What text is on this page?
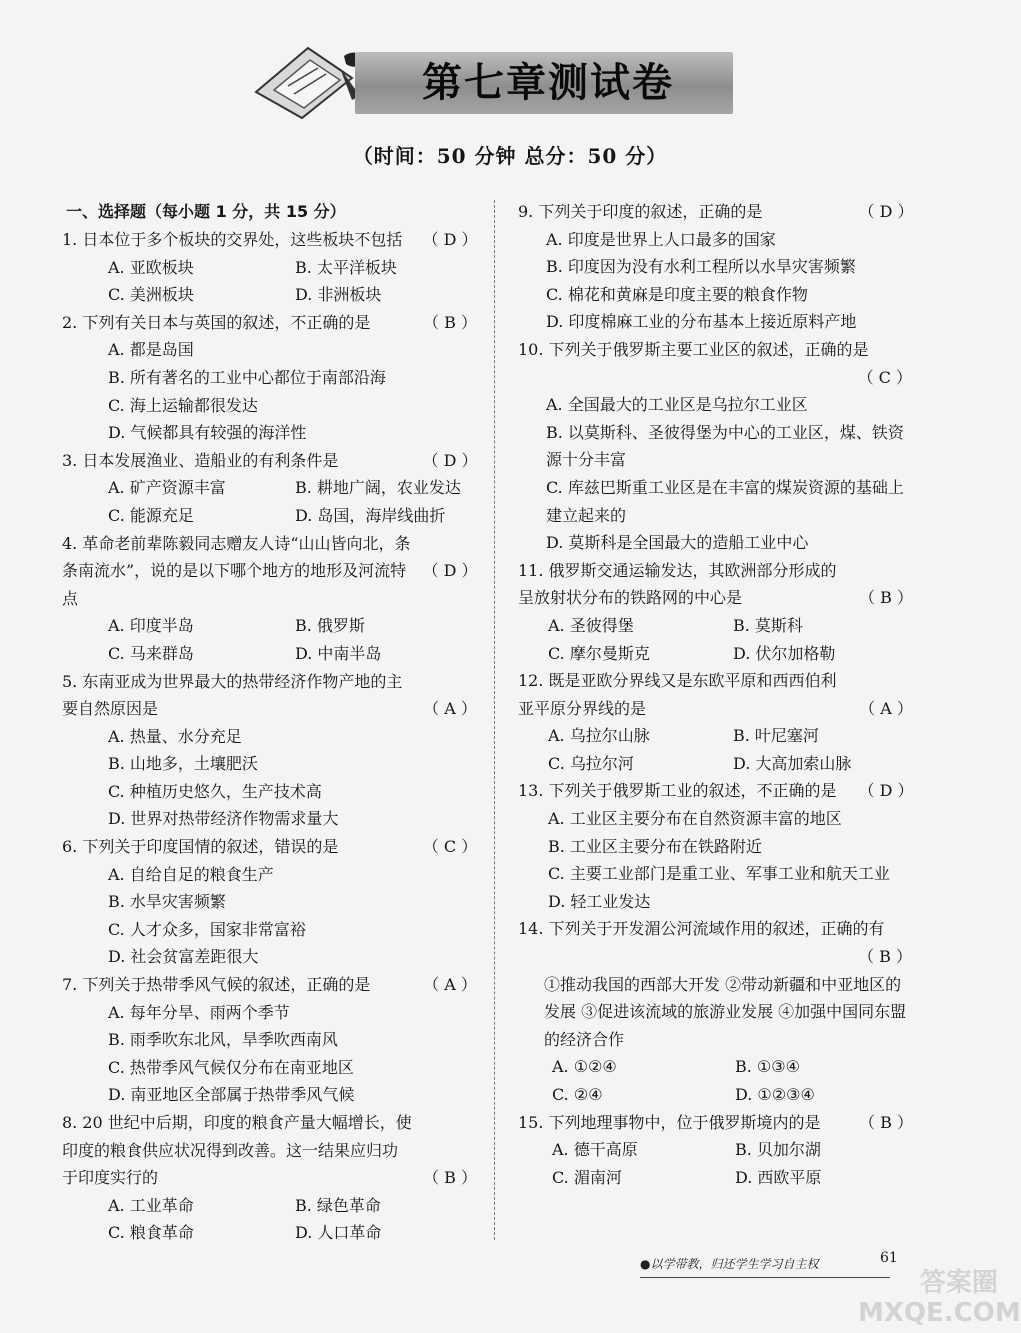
第七章测试卷
（时间：50 分钟 总分：50 分）
一、选择题（每小题 1 分，共 15 分）
1. 日本位于多个板块的交界处，这些板块不包括	（ D ）
A. 亚欧板块	B. 太平洋板块
C. 美洲板块	D. 非洲板块
2. 下列有关日本与英国的叙述，不正确的是	（ B ）
A. 都是岛国
B. 所有著名的工业中心都位于南部沿海
C. 海上运输都很发达
D. 气候都具有较强的海洋性
3. 日本发展渔业、造船业的有利条件是	（ D ）
A. 矿产资源丰富	B. 耕地广阔，农业发达
C. 能源充足	D. 岛国，海岸线曲折
4. 革命老前辈陈毅同志赠友人诗“山山皆向北，条条南流水”，说的是以下哪个地方的地形及河流特点
（ D ）
A. 印度半岛	B. 俄罗斯
C. 马来群岛	D. 中南半岛
5. 东南亚成为世界最大的热带经济作物产地的主要自然原因是	（ A ）
A. 热量、水分充足
B. 山地多，土壤肥沃
C. 种植历史悠久，生产技术高
D. 世界对热带经济作物需求量大
6. 下列关于印度国情的叙述，错误的是	（ C ）
A. 自给自足的粮食生产
B. 水旱灾害频繁
C. 人才众多，国家非常富裕
D. 社会贫富差距很大
7. 下列关于热带季风气候的叙述，正确的是	（ A ）
A. 每年分旱、雨两个季节
B. 雨季吹东北风，旱季吹西南风
C. 热带季风气候仅分布在南亚地区
D. 南亚地区全部属于热带季风气候
8. 20 世纪中后期，印度的粮食产量大幅增长，使印度的粮食供应状况得到改善。这一结果应归功于印度实行的	（ B ）
A. 工业革命	B. 绿色革命
C. 粮食革命	D. 人口革命
9. 下列关于印度的叙述，正确的是	（ D ）
A. 印度是世界上人口最多的国家
B. 印度因为没有水利工程所以水旱灾害频繁
C. 棉花和黄麻是印度主要的粮食作物
D. 印度棉麻工业的分布基本上接近原料产地
10. 下列关于俄罗斯主要工业区的叙述，正确的是
（ C ）
A. 全国最大的工业区是乌拉尔工业区
B. 以莫斯科、圣彼得堡为中心的工业区，煤、铁资源十分丰富
C. 库兹巴斯重工业区是在丰富的煤炭资源的基础上建立起来的
D. 莫斯科是全国最大的造船工业中心
11. 俄罗斯交通运输发达，其欧洲部分形成的呈放射状分布的铁路网的中心是	（ B ）
A. 圣彼得堡	B. 莫斯科
C. 摩尔曼斯克	D. 伏尔加格勒
12. 既是亚欧分界线又是东欧平原和西西伯利亚平原分界线的是	（ A ）
A. 乌拉尔山脉	B. 叶尼塞河
C. 乌拉尔河	D. 大高加索山脉
13. 下列关于俄罗斯工业的叙述，不正确的是	（ D ）
A. 工业区主要分布在自然资源丰富的地区
B. 工业区主要分布在铁路附近
C. 主要工业部门是重工业、军事工业和航天工业
D. 轻工业发达
14. 下列关于开发湄公河流域作用的叙述，正确的有
（ B ）
①推动我国的西部大开发 ②带动新疆和中亚地区的发展 ③促进该流域的旅游业发展 ④加强中国同东盟的经济合作
A. ①②④	B. ①③④
C. ②④	D. ①②③④
15. 下列地理事物中，位于俄罗斯境内的是	（ B ）
A. 德干高原	B. 贝加尔湖
C. 湄南河	D. 西欧平原
●以学带教，归还学生学习自主权	61
答案圈 MXQE.COM
